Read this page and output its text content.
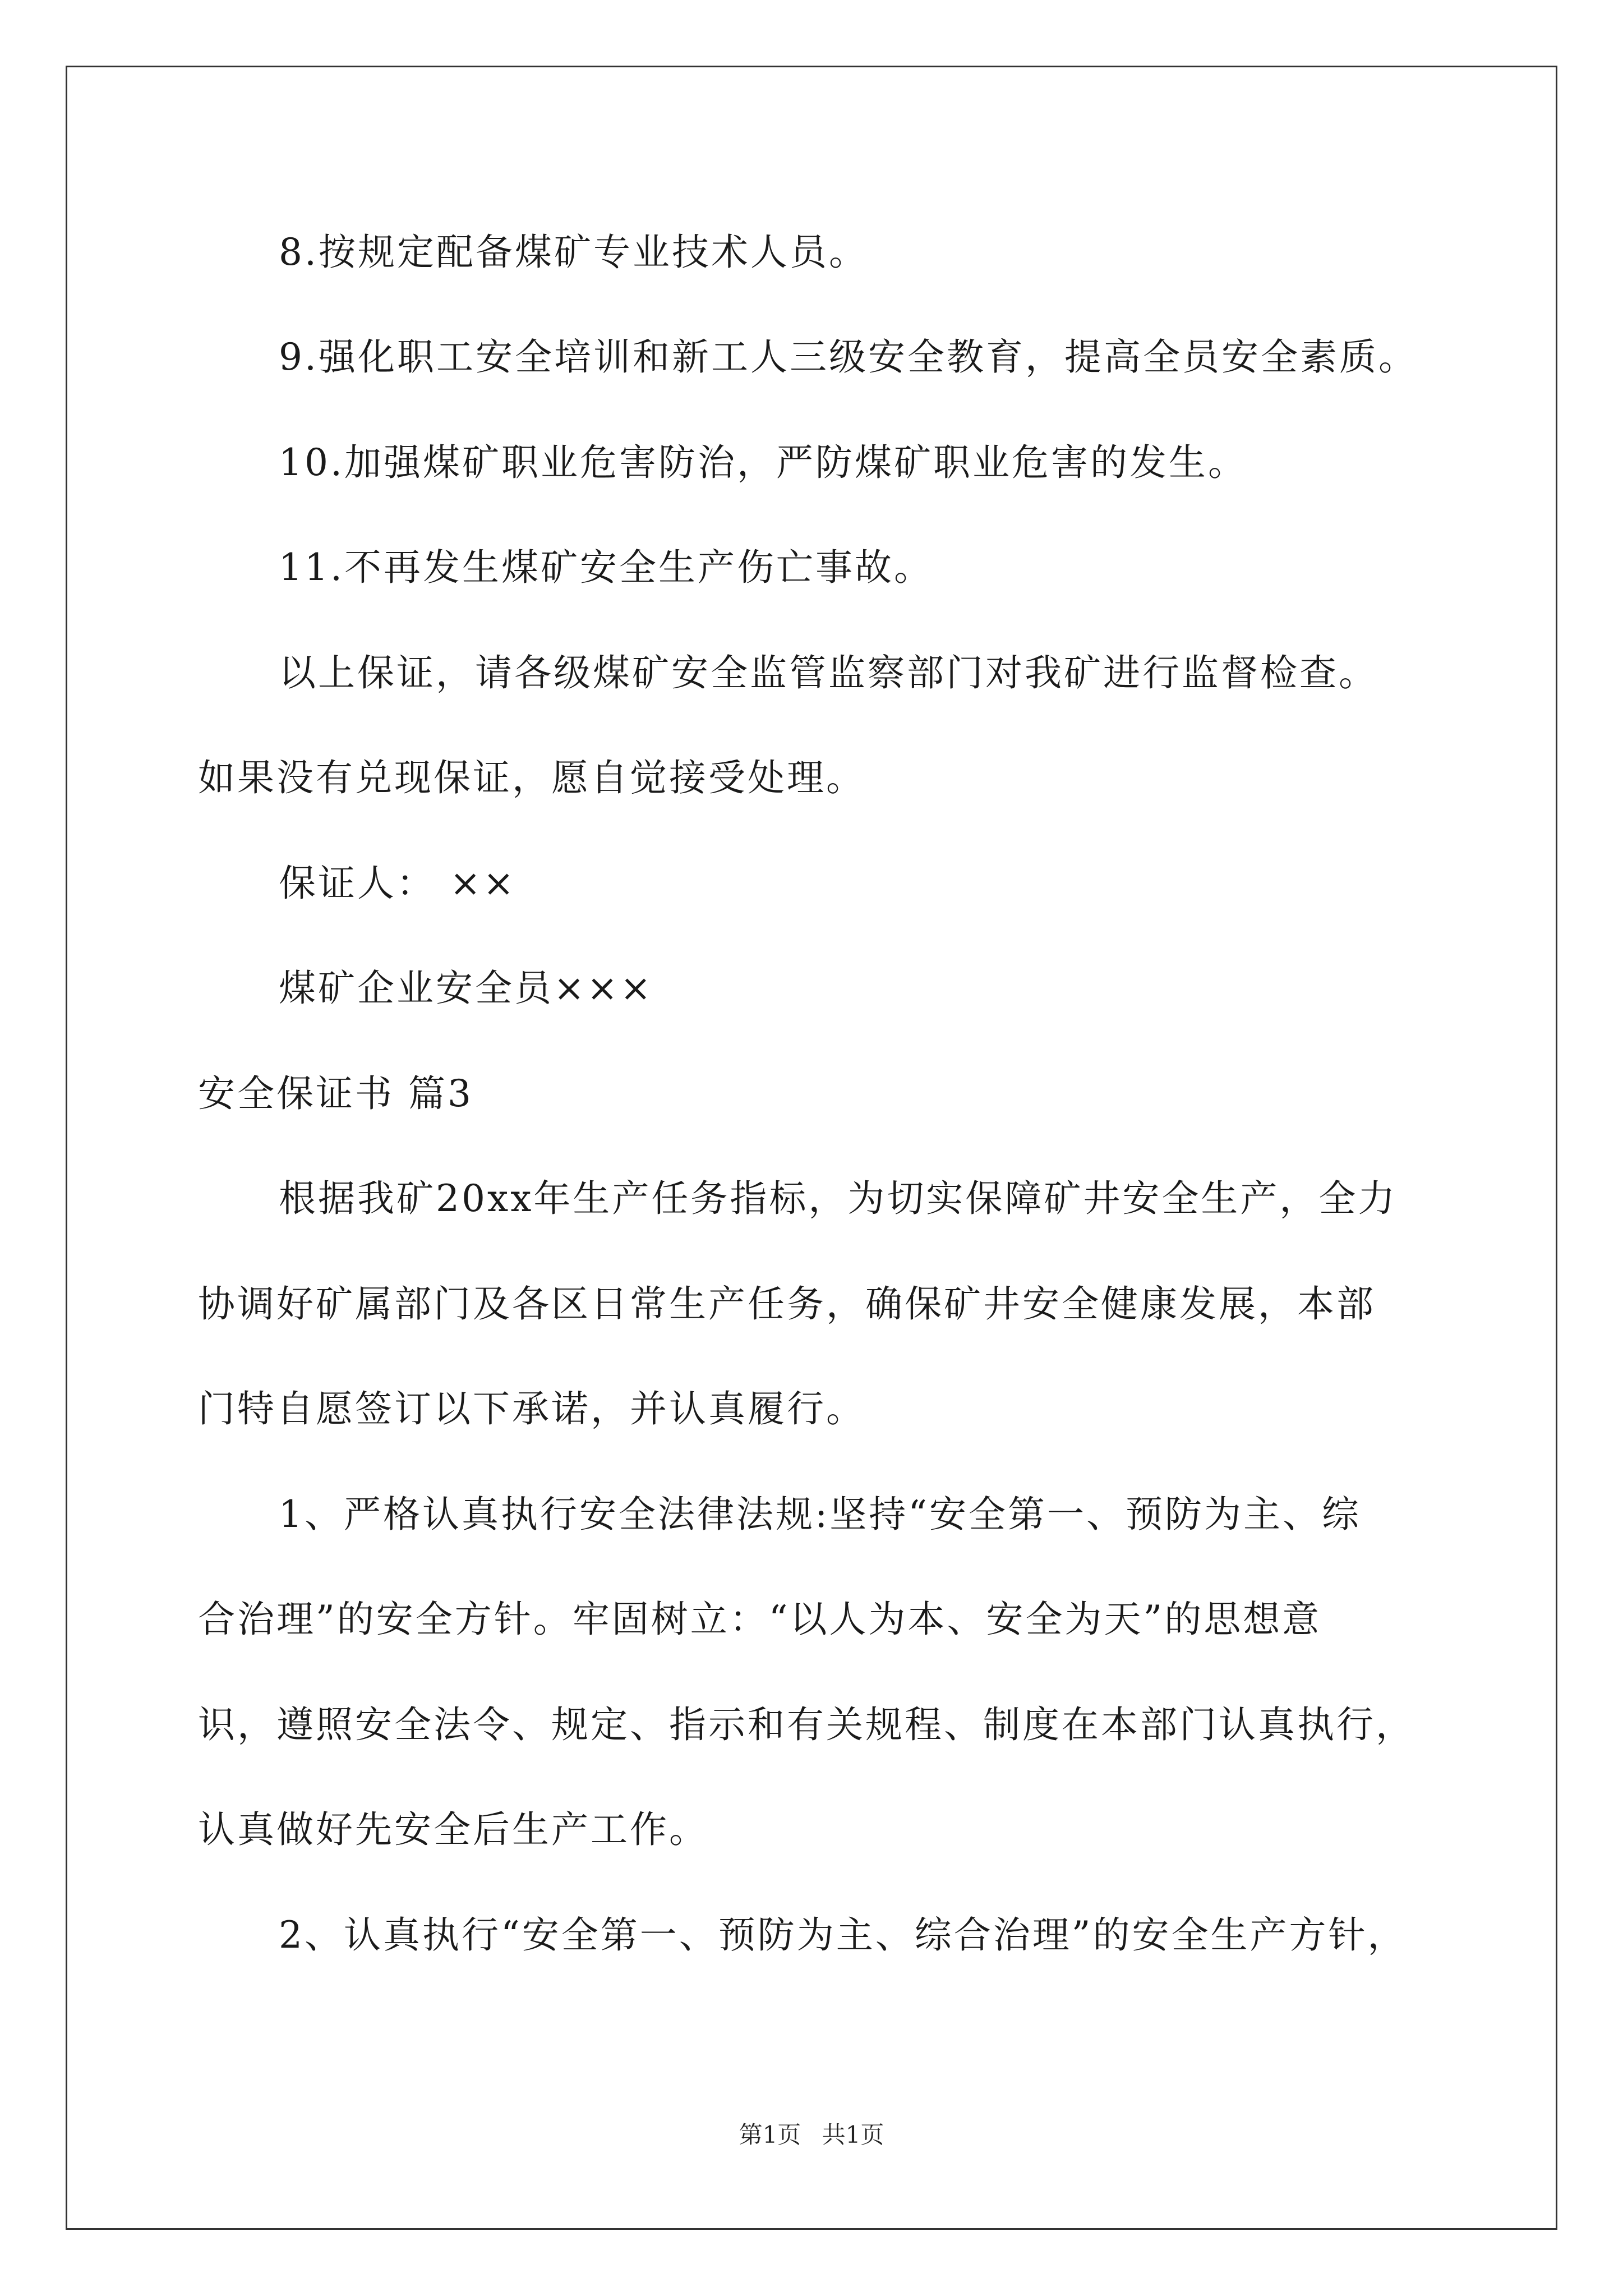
8.按规定配备煤矿专业技术人员。
9.强化职工安全培训和新工人三级安全教育，提高全员安全素质。
10.加强煤矿职业危害防治，严防煤矿职业危害的发生。
11.不再发生煤矿安全生产伤亡事故。
以上保证，请各级煤矿安全监管监察部门对我矿进行监督检查。
如果没有兑现保证，愿自觉接受处理。
保证人： ××
煤矿企业安全员×××
安全保证书 篇3
根据我矿20xx年生产任务指标，为切实保障矿井安全生产，全力
协调好矿属部门及各区日常生产任务，确保矿井安全健康发展，本部
门特自愿签订以下承诺，并认真履行。
1、严格认真执行安全法律法规:坚持“安全第一、预防为主、综
合治理”的安全方针。牢固树立：“以人为本、安全为天”的思想意
识，遵照安全法令、规定、指示和有关规程、制度在本部门认真执行，
认真做好先安全后生产工作。
2、认真执行“安全第一、预防为主、综合治理”的安全生产方针，
第1页 共1页
